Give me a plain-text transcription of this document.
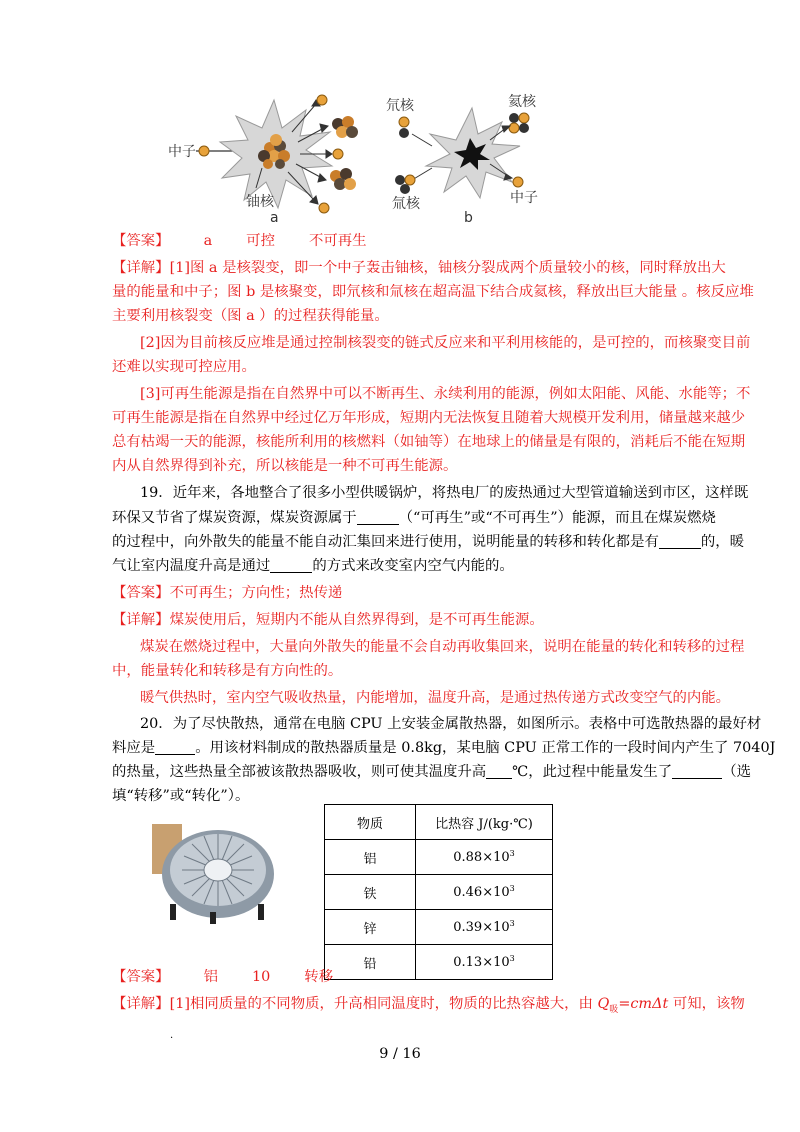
中子
铀核
a
氘核	氦核
氚核	中子
b
【答案】 a 可控 不可再生
【详解】[1]图 a 是核裂变，即一个中子轰击铀核，铀核分裂成两个质量较小的核，同时释放出大
量的能量和中子；图 b 是核聚变，即氘核和氚核在超高温下结合成氦核，释放出巨大能量 。核反应堆
主要利用核裂变（图 a ）的过程获得能量。
[2]因为目前核反应堆是通过控制核裂变的链式反应来和平利用核能的，是可控的，而核聚变目前
还难以实现可控应用。
[3]可再生能源是指在自然界中可以不断再生、永续利用的能源，例如太阳能、风能、水能等；不
可再生能源是指在自然界中经过亿万年形成，短期内无法恢复且随着大规模开发利用，储量越来越少
总有枯竭一天的能源，核能所利用的核燃料（如铀等）在地球上的储量是有限的，消耗后不能在短期
内从自然界得到补充，所以核能是一种不可再生能源。
19．近年来，各地整合了很多小型供暖锅炉，将热电厂的废热通过大型管道输送到市区，这样既
环保又节省了煤炭资源，煤炭资源属于	（“可再生”或“不可再生”）能源，而且在煤炭燃烧
的过程中，向外散失的能量不能自动汇集回来进行使用，说明能量的转移和转化都是有	的，暖
气让室内温度升高是通过	的方式来改变室内空气内能的。
【答案】不可再生；方向性；热传递
【详解】煤炭使用后，短期内不能从自然界得到，是不可再生能源。
煤炭在燃烧过程中，大量向外散失的能量不会自动再收集回来，说明在能量的转化和转移的过程
中，能量转化和转移是有方向性的。
暖气供热时，室内空气吸收热量，内能增加，温度升高，是通过热传递方式改变空气的内能。
20．为了尽快散热，通常在电脑 CPU 上安装金属散热器，如图所示。表格中可选散热器的最好材
料应是	。用该材料制成的散热器质量是 0.8kg，某电脑 CPU 正常工作的一段时间内产生了 7040J
的热量，这些热量全部被该散热器吸收，则可使其温度升高 ℃，此过程中能量发生了	（选
填“转移”或“转化”）。
物质	比热容 J/(kg·℃)
铝	$0.88\times 10^3$
铁	$0.46\times 10^3$
锌	$0.39\times 10^3$
铅	$0.13\times 10^3$
【答案】 铝 10 转移
【详解】[1]相同质量的不同物质，升高相同温度时，物质的比热容越大，由 $Q_吸=cm\Delta t$ 可知，该物
.
9 / 16
